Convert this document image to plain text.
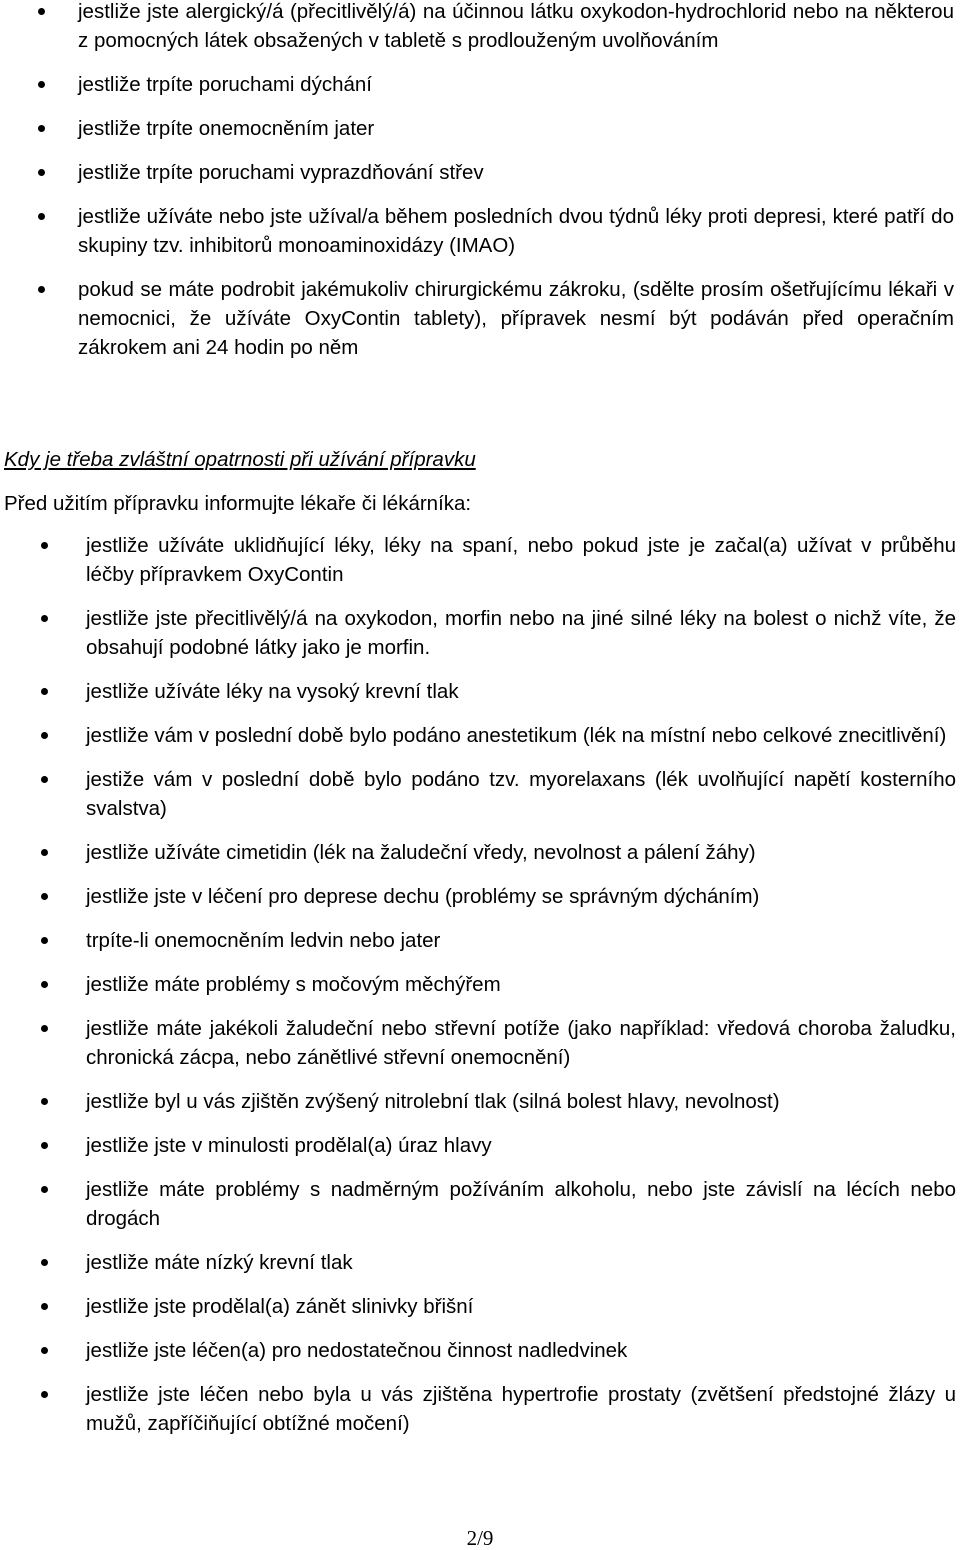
jestliže jste alergický/á (přecitlivělý/á) na účinnou látku oxykodon-hydrochlorid nebo na některou z pomocných látek obsažených v tabletě s prodlouženým uvolňováním
jestliže trpíte poruchami dýchání
jestliže trpíte onemocněním jater
jestliže trpíte poruchami vyprazdňování střev
jestliže užíváte nebo jste užíval/a během posledních dvou týdnů léky proti depresi, které patří do skupiny tzv. inhibitorů monoaminoxidázy (IMAO)
pokud se máte podrobit jakémukoliv chirurgickému zákroku, (sdělte prosím ošetřujícímu lékaři v nemocnici, že užíváte OxyContin tablety), přípravek nesmí být podáván před operačním zákrokem ani 24 hodin po něm
Kdy je třeba zvláštní opatrnosti při užívání přípravku
Před užitím přípravku informujte lékaře či lékárníka:
jestliže užíváte uklidňující léky, léky na spaní, nebo pokud jste je začal(a) užívat v průběhu léčby přípravkem OxyContin
jestliže jste přecitlivělý/á na oxykodon, morfin nebo na jiné silné léky na bolest o nichž víte, že obsahují podobné látky jako je morfin.
jestliže užíváte léky na vysoký krevní tlak
jestliže vám v poslední době bylo podáno anestetikum (lék na místní nebo celkové znecitlivění)
jestiže vám v poslední době bylo podáno tzv. myorelaxans (lék uvolňující napětí kosterního svalstva)
jestliže užíváte cimetidin (lék na žaludeční vředy, nevolnost a pálení žáhy)
jestliže jste v léčení pro deprese dechu (problémy se správným dýcháním)
trpíte-li onemocněním ledvin nebo jater
jestliže máte problémy s močovým měchýřem
jestliže máte jakékoli žaludeční nebo střevní potíže (jako například: vředová choroba žaludku, chronická zácpa, nebo zánětlivé střevní onemocnění)
jestliže byl u vás zjištěn zvýšený nitrolební tlak (silná bolest hlavy, nevolnost)
jestliže jste v minulosti prodělal(a) úraz hlavy
jestliže máte problémy s nadměrným požíváním alkoholu, nebo jste závislí na lécích nebo drogách
jestliže máte nízký krevní tlak
jestliže jste prodělal(a) zánět slinivky břišní
jestliže jste léčen(a) pro nedostatečnou činnost nadledvinek
jestliže jste léčen nebo byla u vás zjištěna hypertrofie prostaty (zvětšení předstojné žlázy u mužů, zapříčiňující obtížné močení)
2/9
